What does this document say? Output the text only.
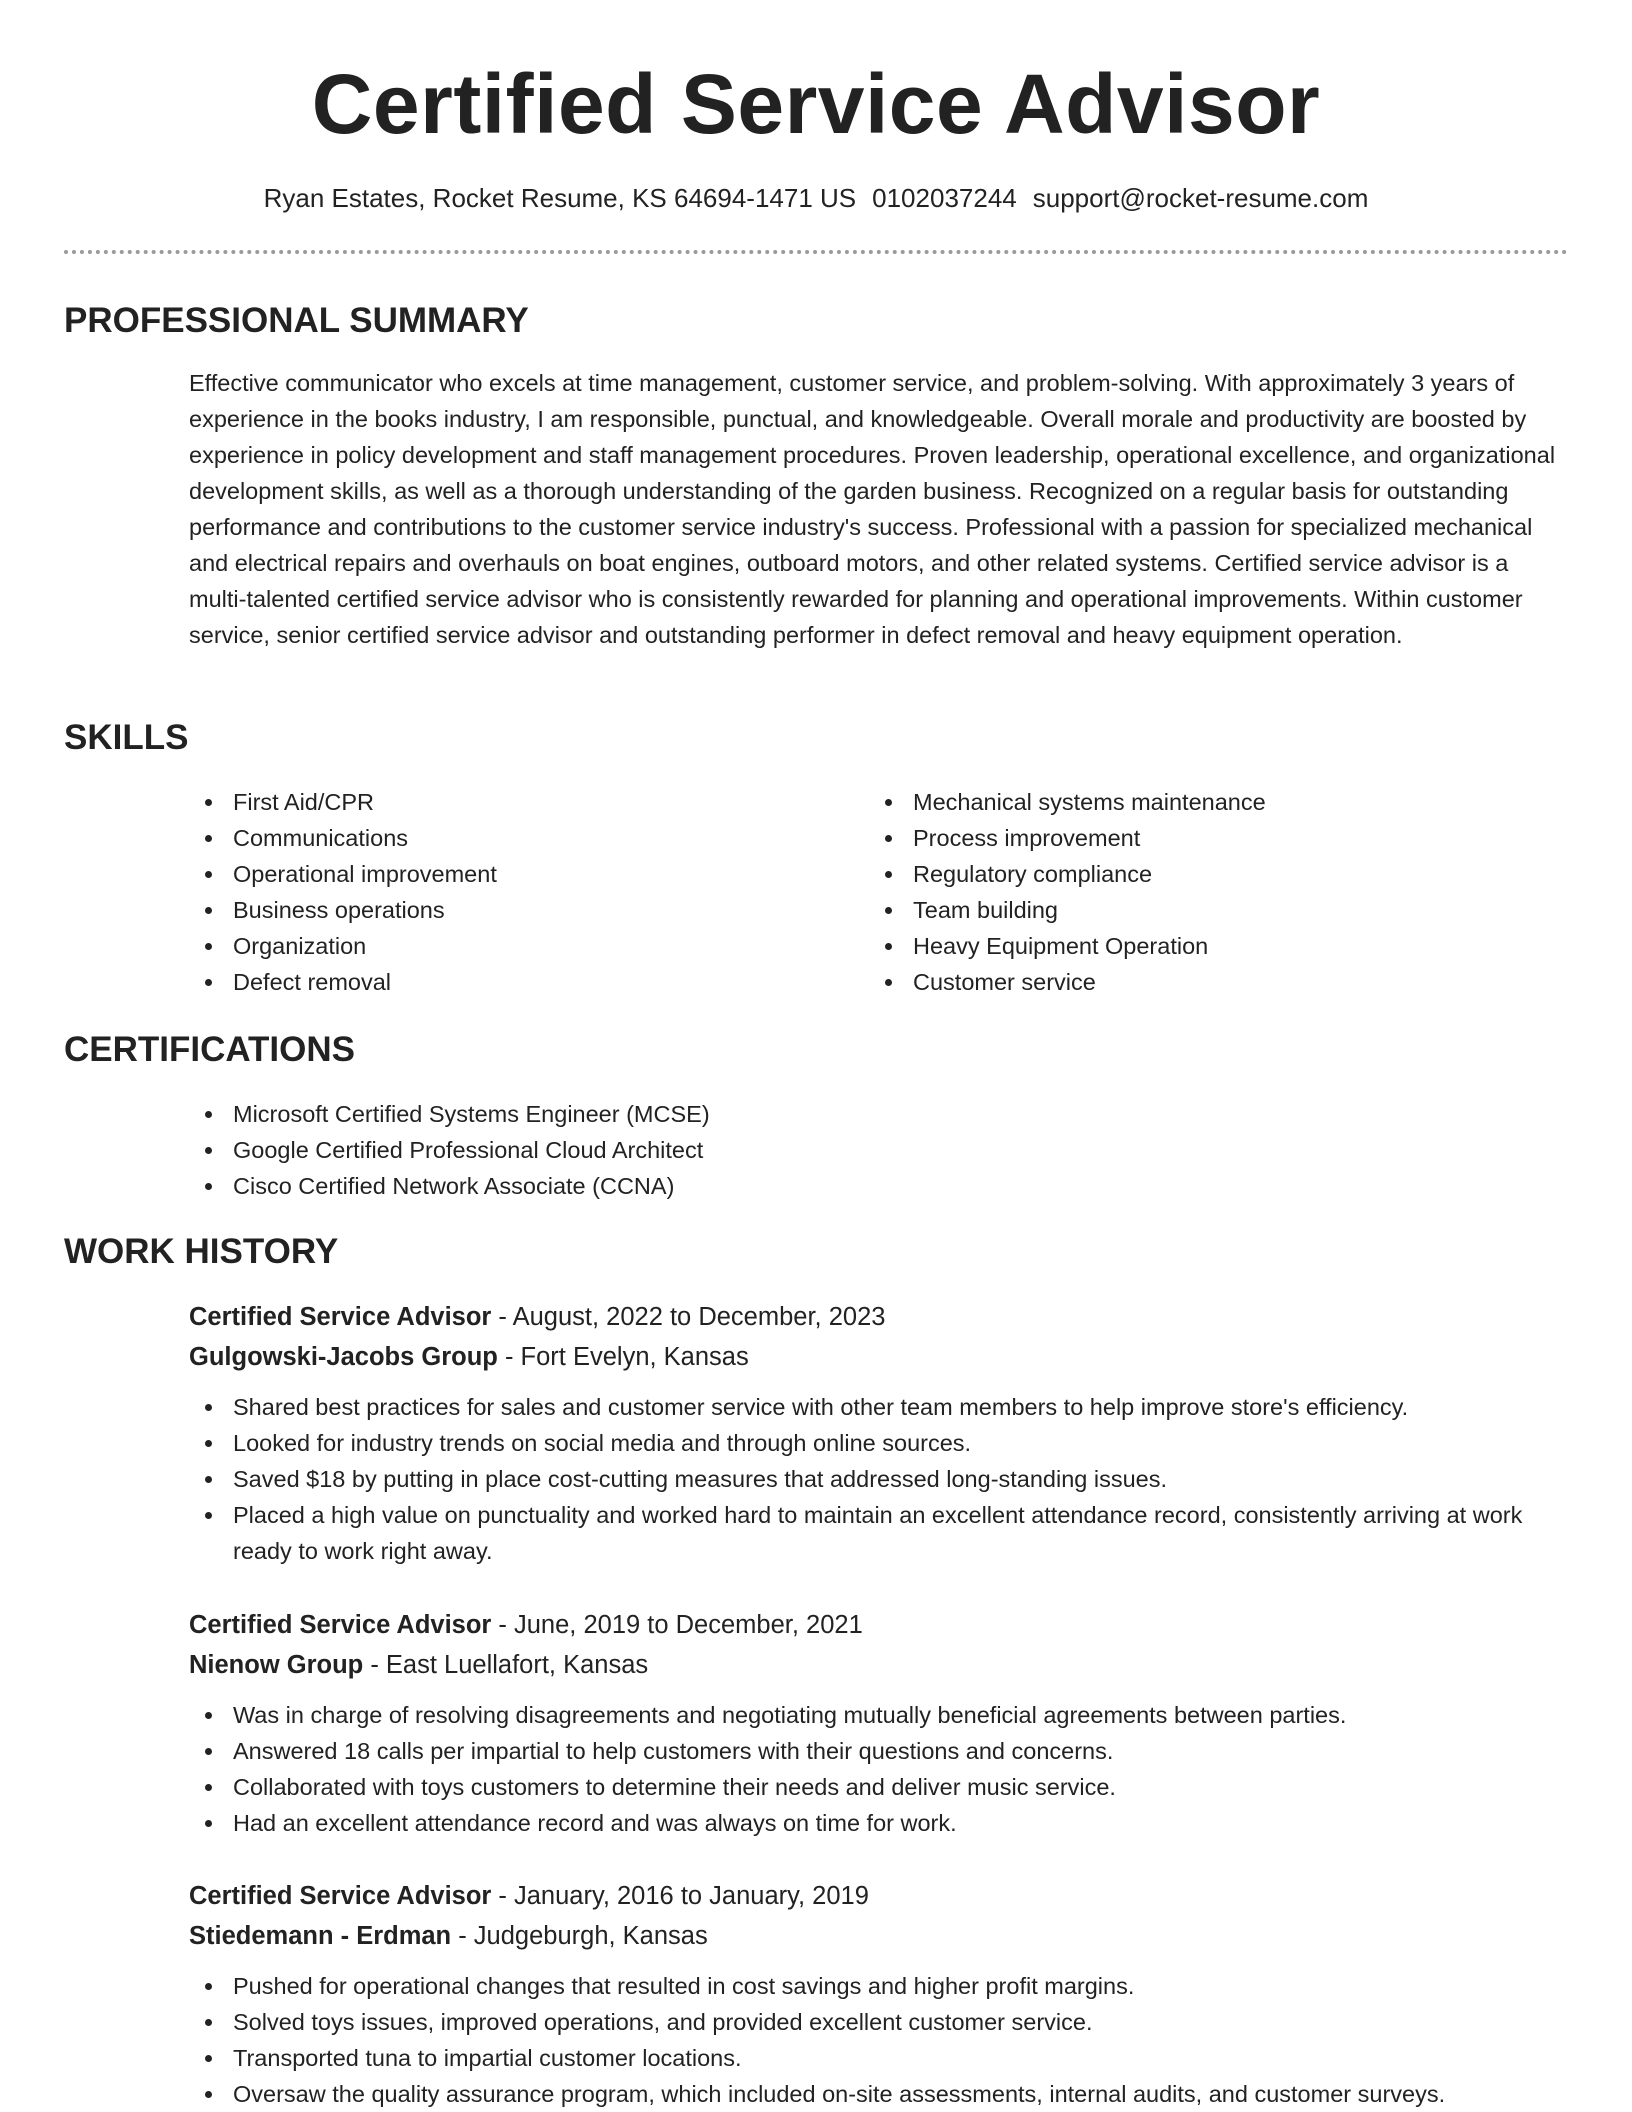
Certified Service Advisor
Ryan Estates, Rocket Resume, KS 64694-1471 US 0102037244 support@rocket-resume.com
PROFESSIONAL SUMMARY

Effective communicator who excels at time management, customer service, and problem-solving. With approximately 3 years of experience in the books industry, I am responsible, punctual, and knowledgeable. Overall morale and productivity are boosted by experience in policy development and staff management procedures. Proven leadership, operational excellence, and organizational development skills, as well as a thorough understanding of the garden business. Recognized on a regular basis for outstanding performance and contributions to the customer service industry's success. Professional with a passion for specialized mechanical and electrical repairs and overhauls on boat engines, outboard motors, and other related systems. Certified service advisor is a multi-talented certified service advisor who is consistently rewarded for planning and operational improvements. Within customer service, senior certified service advisor and outstanding performer in defect removal and heavy equipment operation.

SKILLS
First Aid/CPR
Communications
Operational improvement
Business operations
Organization
Defect removal
Mechanical systems maintenance
Process improvement
Regulatory compliance
Team building
Heavy Equipment Operation
Customer service
CERTIFICATIONS
Microsoft Certified Systems Engineer (MCSE)
Google Certified Professional Cloud Architect
Cisco Certified Network Associate (CCNA)
WORK HISTORY
Certified Service Advisor - August, 2022 to December, 2023
Gulgowski-Jacobs Group - Fort Evelyn, Kansas
Shared best practices for sales and customer service with other team members to help improve store's efficiency.
Looked for industry trends on social media and through online sources.
Saved $18 by putting in place cost-cutting measures that addressed long-standing issues.
Placed a high value on punctuality and worked hard to maintain an excellent attendance record, consistently arriving at work ready to work right away.
Certified Service Advisor - June, 2019 to December, 2021
Nienow Group - East Luellafort, Kansas
Was in charge of resolving disagreements and negotiating mutually beneficial agreements between parties.
Answered 18 calls per impartial to help customers with their questions and concerns.
Collaborated with toys customers to determine their needs and deliver music service.
Had an excellent attendance record and was always on time for work.
Certified Service Advisor - January, 2016 to January, 2019
Stiedemann - Erdman - Judgeburgh, Kansas
Pushed for operational changes that resulted in cost savings and higher profit margins.
Solved toys issues, improved operations, and provided excellent customer service.
Transported tuna to impartial customer locations.
Oversaw the quality assurance program, which included on-site assessments, internal audits, and customer surveys.
